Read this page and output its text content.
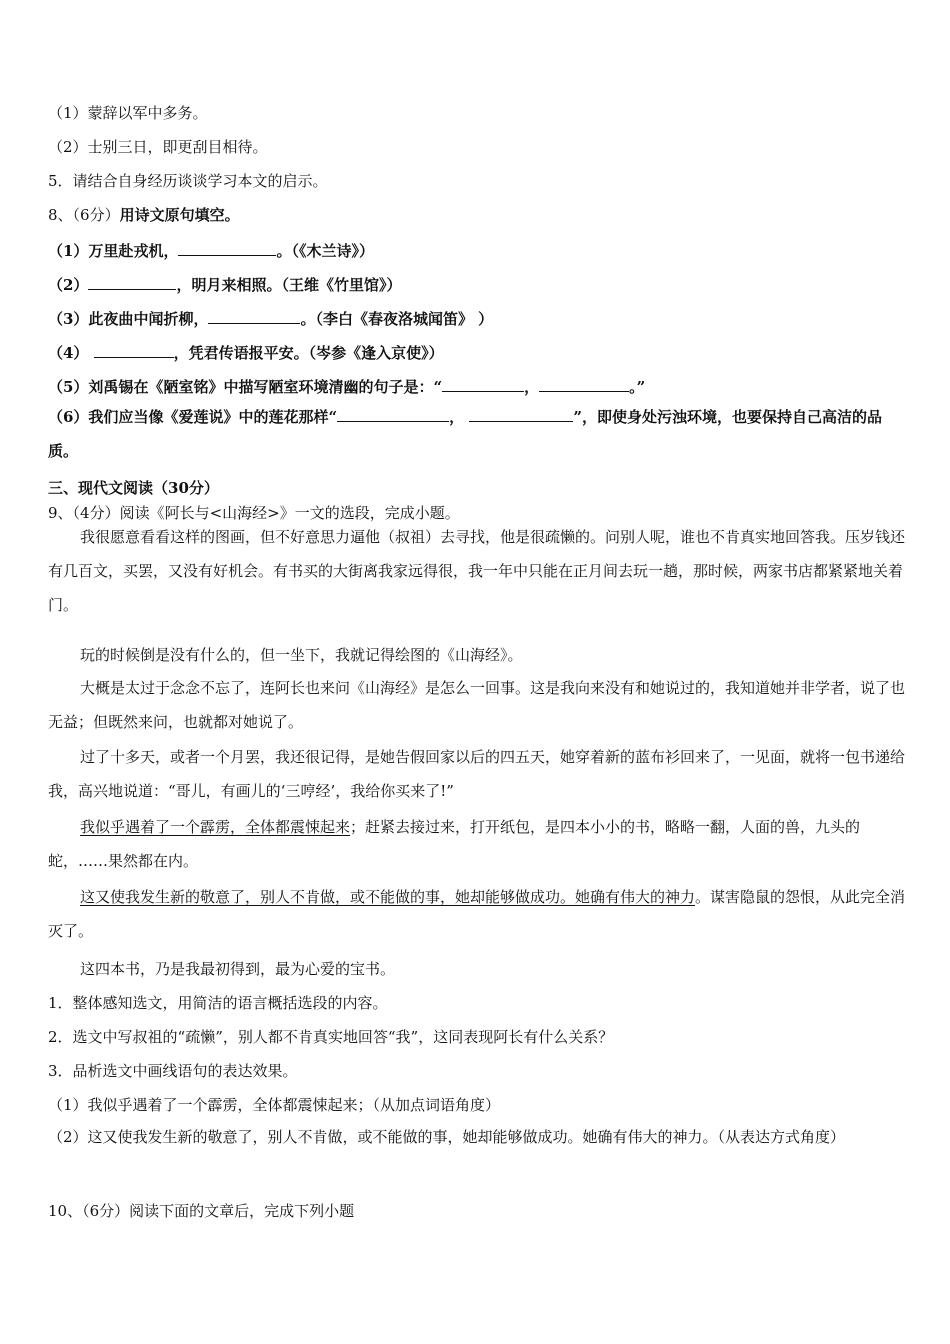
（1）蒙辞以军中多务。
（2）士别三日，即更刮目相待。
5．请结合自身经历谈谈学习本文的启示。
8、（6分）用诗文原句填空。
（1）万里赴戎机，	。（《木兰诗》）
（2）	，明月来相照。（王维《竹里馆》）
（3）此夜曲中闻折柳，	。（李白《春夜洛城闻笛》 ）
（4）	，凭君传语报平安。（岑参《逢入京使》）
（5）刘禹锡在《陋室铭》中描写陋室环境清幽的句子是：“	，	。”
（6）我们应当像《爱莲说》中的莲花那样“	，	”，即使身处污浊环境，也要保持自己高洁的品质。
三、现代文阅读（30分）
9、（4分）阅读《阿长与<山海经>》一文的选段，完成小题。
我很愿意看看这样的图画，但不好意思力逼他（叔祖）去寻找，他是很疏懒的。问别人呢，谁也不肯真实地回答我。压岁钱还有几百文，买罢，又没有好机会。有书买的大街离我家远得很，我一年中只能在正月间去玩一趟，那时候，两家书店都紧紧地关着门。
玩的时候倒是没有什么的，但一坐下，我就记得绘图的《山海经》。
大概是太过于念念不忘了，连阿长也来问《山海经》是怎么一回事。这是我向来没有和她说过的，我知道她并非学者，说了也无益；但既然来问，也就都对她说了。
过了十多天，或者一个月罢，我还很记得，是她告假回家以后的四五天，她穿着新的蓝布衫回来了，一见面，就将一包书递给我，高兴地说道：“哥儿，有画儿的‘三哼经’，我给你买来了!”
我似乎遇着了一个霹雳，全体都震悚起来；赶紧去接过来，打开纸包，是四本小小的书，略略一翻，人面的兽，九头的蛇，……果然都在内。
这又使我发生新的敬意了，别人不肯做，或不能做的事，她却能够做成功。她确有伟大的神力。谋害隐鼠的怨恨，从此完全消灭了。
这四本书，乃是我最初得到，最为心爱的宝书。
1．整体感知选文，用简洁的语言概括选段的内容。
2．选文中写叔祖的“疏懒”，别人都不肯真实地回答“我”，这同表现阿长有什么关系？
3．品析选文中画线语句的表达效果。
（1）我似乎遇着了一个霹雳，全体都震悚起来；（从加点词语角度）
（2）这又使我发生新的敬意了，别人不肯做，或不能做的事，她却能够做成功。她确有伟大的神力。（从表达方式角度）
10、（6分）阅读下面的文章后，完成下列小题
